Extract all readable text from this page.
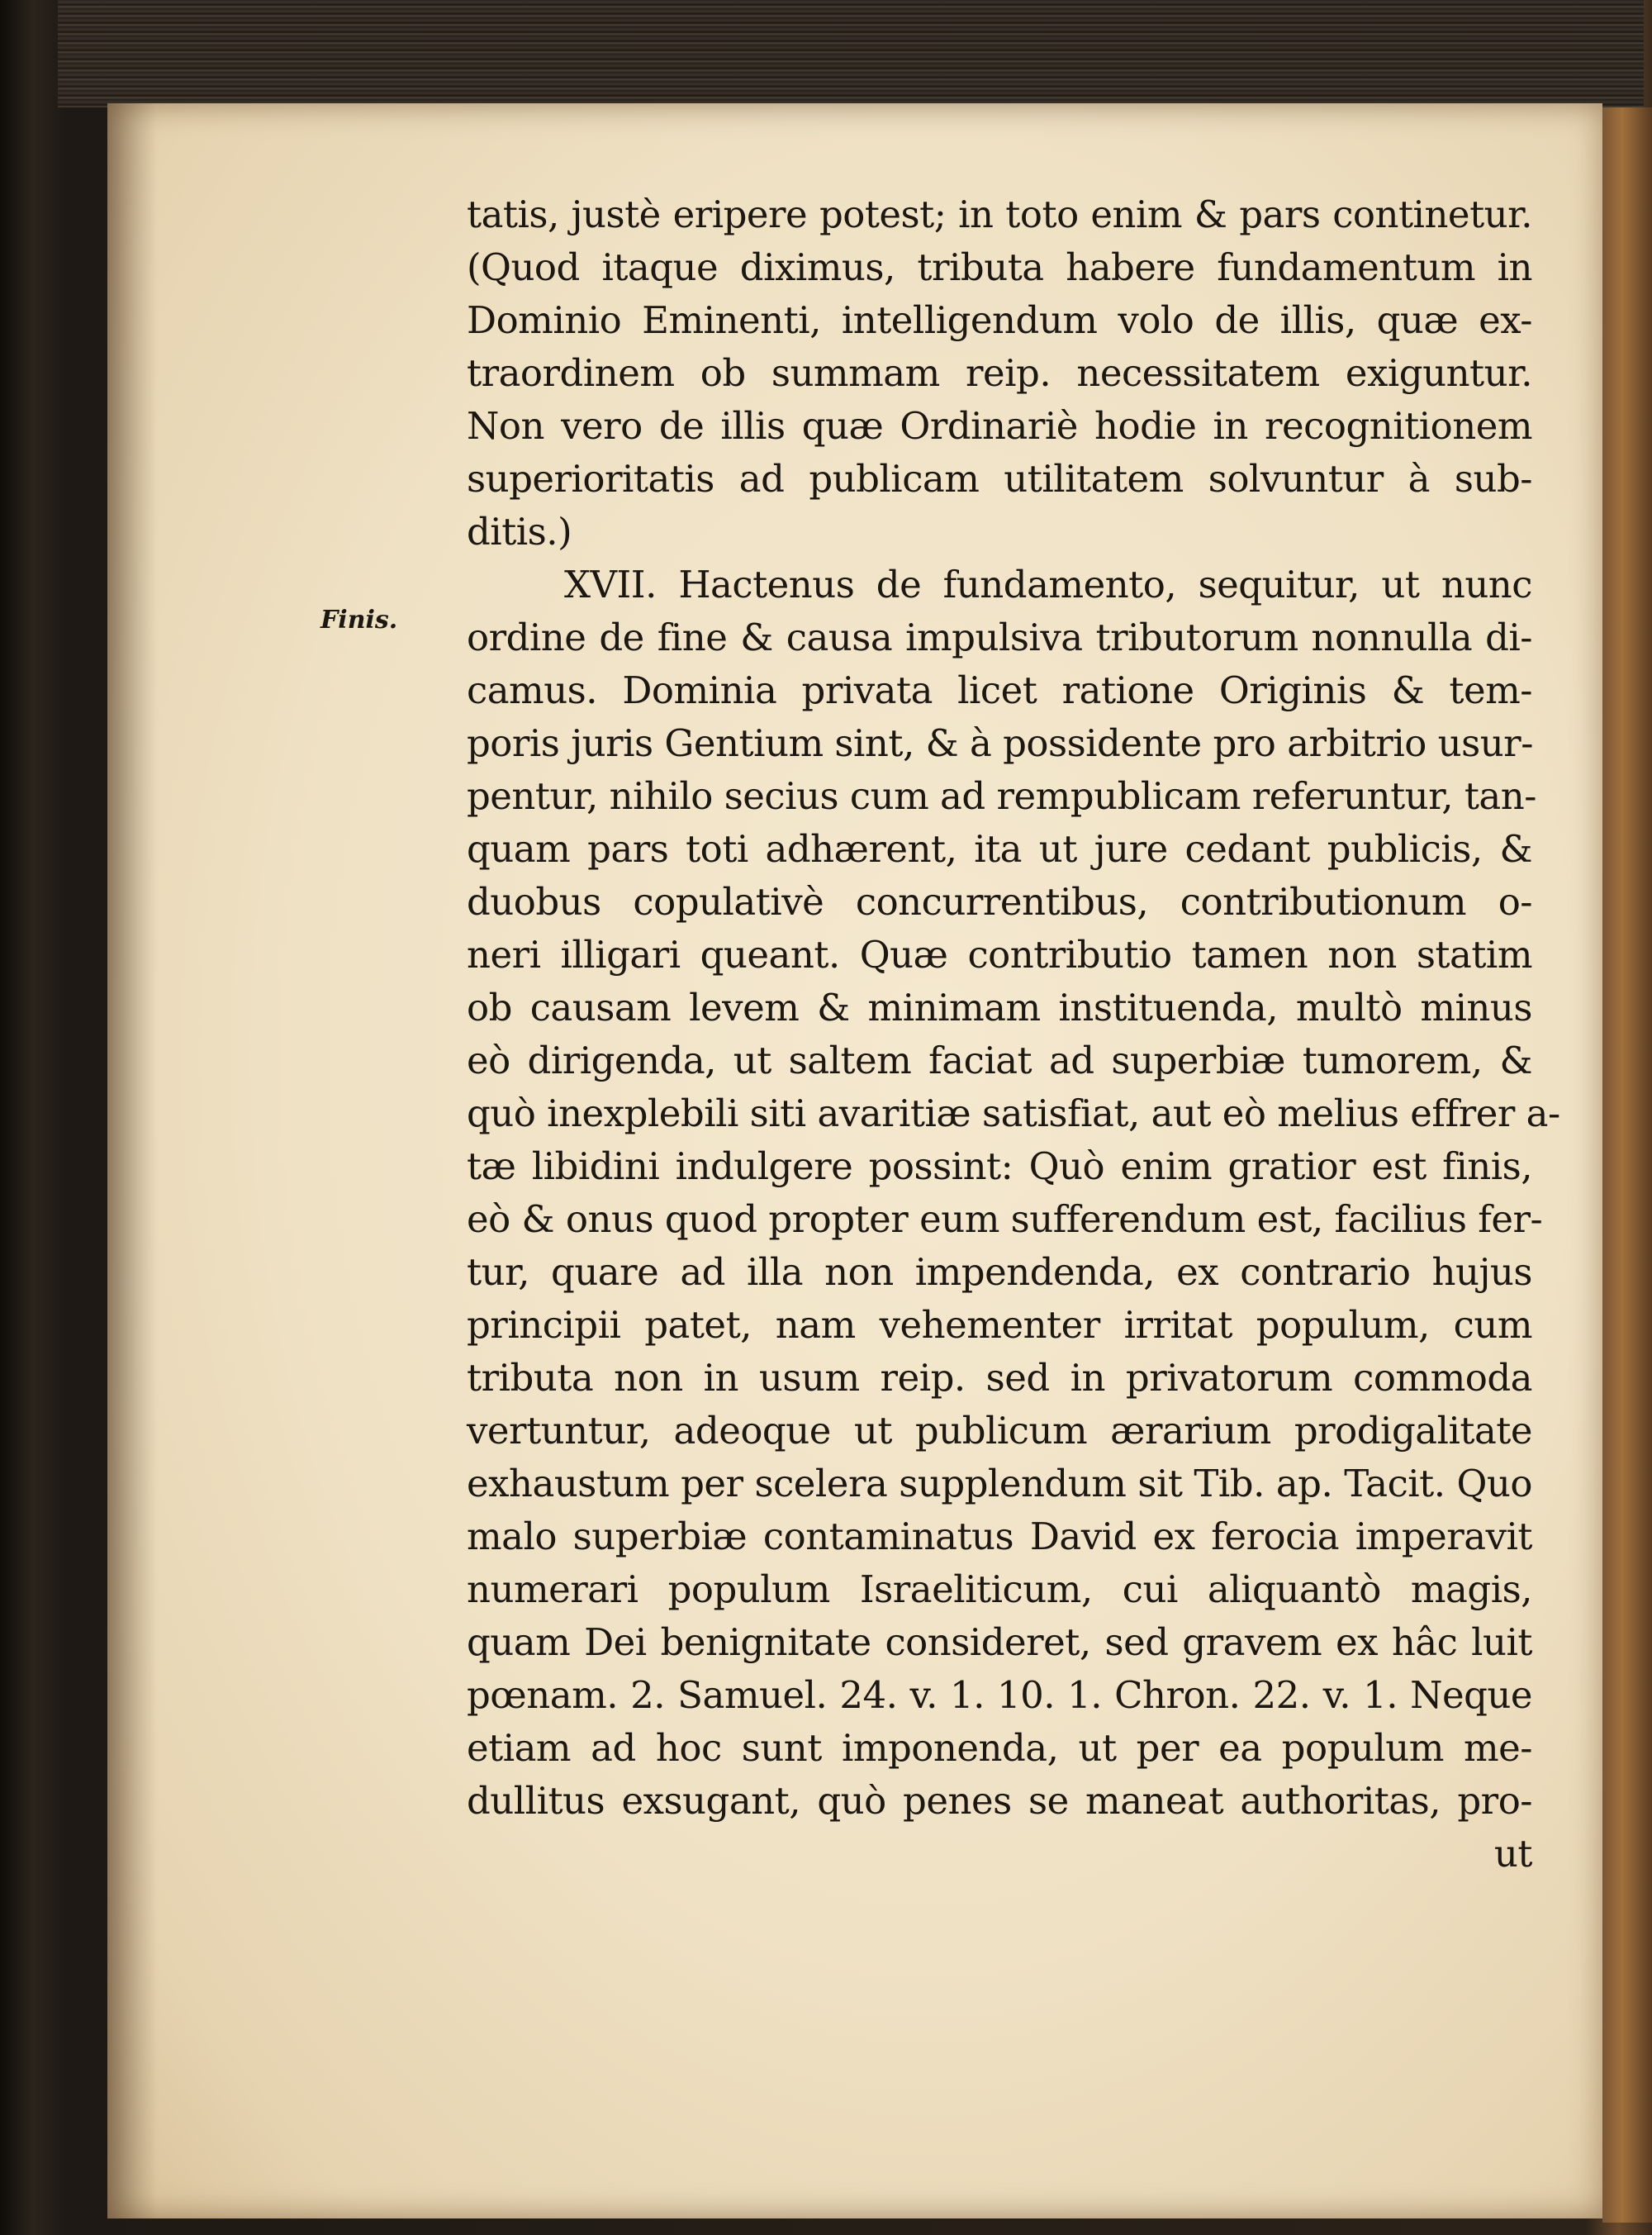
Finis.
tatis, justè eripere potest; in toto enim & pars continetur.
(Quod itaque diximus, tributa habere fundamentum in
Dominio Eminenti, intelligendum volo de illis, quæ ex-
traordinem ob summam reip. necessitatem exiguntur.
Non vero de illis quæ Ordinariè hodie in recognitionem
superioritatis ad publicam utilitatem solvuntur à sub-
ditis.)
XVII. Hactenus de fundamento, sequitur, ut nunc
ordine de fine & causa impulsiva tributorum nonnulla di-
camus. Dominia privata licet ratione Originis & tem-
poris juris Gentium sint, & à possidente pro arbitrio usur-
pentur, nihilo secius cum ad rempublicam referuntur, tan-
quam pars toti adhærent, ita ut jure cedant publicis, &
duobus copulativè concurrentibus, contributionum o-
neri illigari queant. Quæ contributio tamen non statim
ob causam levem & minimam instituenda, multò minus
eò dirigenda, ut saltem faciat ad superbiæ tumorem, &
quò inexplebili siti avaritiæ satisfiat, aut eò melius effrer a-
tæ libidini indulgere possint: Quò enim gratior est finis,
eò & onus quod propter eum sufferendum est, facilius fer-
tur, quare ad illa non impendenda, ex contrario hujus
principii patet, nam vehementer irritat populum, cum
tributa non in usum reip. sed in privatorum commoda
vertuntur, adeoque ut publicum ærarium prodigalitate
exhaustum per scelera supplendum sit Tib. ap. Tacit. Quo
malo superbiæ contaminatus David ex ferocia imperavit
numerari populum Israeliticum, cui aliquantò magis,
quam Dei benignitate consideret, sed gravem ex hâc luit
pœnam. 2. Samuel. 24. v. 1. 10. 1. Chron. 22. v. 1. Neque
etiam ad hoc sunt imponenda, ut per ea populum me-
dullitus exsugant, quò penes se maneat authoritas, pro-
ut
